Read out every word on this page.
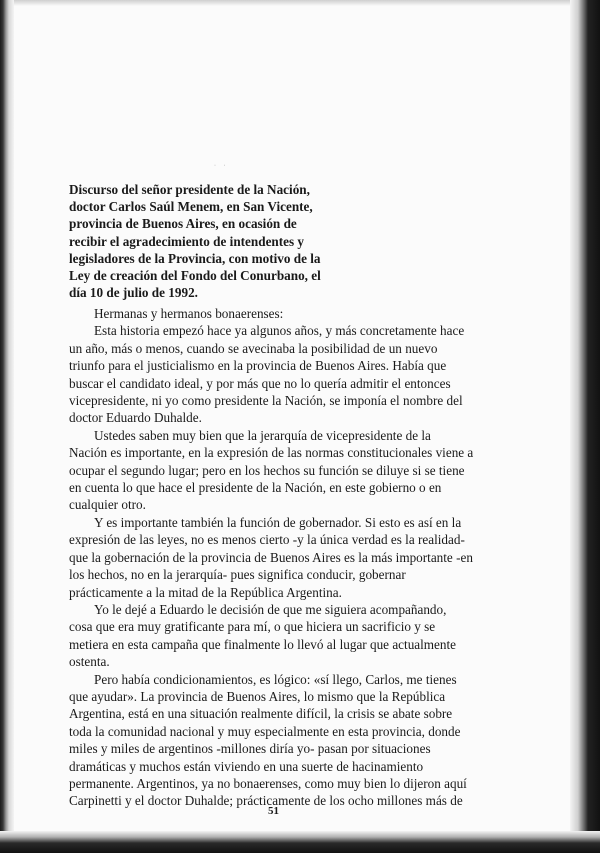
· ·
Discurso del señor presidente de la Nación,
doctor Carlos Saúl Menem, en San Vicente,
provincia de Buenos Aires, en ocasión de
recibir el agradecimiento de intendentes y
legisladores de la Provincia, con motivo de la
Ley de creación del Fondo del Conurbano, el
día 10 de julio de 1992.
Hermanas y hermanos bonaerenses:
Esta historia empezó hace ya algunos años, y más concretamente hace
un año, más o menos, cuando se avecinaba la posibilidad de un nuevo
triunfo para el justicialismo en la provincia de Buenos Aires. Había que
buscar el candidato ideal, y por más que no lo quería admitir el entonces
vicepresidente, ni yo como presidente la Nación, se imponía el nombre del
doctor Eduardo Duhalde.
Ustedes saben muy bien que la jerarquía de vicepresidente de la
Nación es importante, en la expresión de las normas constitucionales viene a
ocupar el segundo lugar; pero en los hechos su función se diluye si se tiene
en cuenta lo que hace el presidente de la Nación, en este gobierno o en
cualquier otro.
Y es importante también la función de gobernador. Si esto es así en la
expresión de las leyes, no es menos cierto -y la única verdad es la realidad-
que la gobernación de la provincia de Buenos Aires es la más importante -en
los hechos, no en la jerarquía- pues significa conducir, gobernar
prácticamente a la mitad de la República Argentina.
Yo le dejé a Eduardo le decisión de que me siguiera acompañando,
cosa que era muy gratificante para mí, o que hiciera un sacrificio y se
metiera en esta campaña que finalmente lo llevó al lugar que actualmente
ostenta.
Pero había condicionamientos, es lógico: «sí llego, Carlos, me tienes
que ayudar». La provincia de Buenos Aires, lo mismo que la República
Argentina, está en una situación realmente difícil, la crisis se abate sobre
toda la comunidad nacional y muy especialmente en esta provincia, donde
miles y miles de argentinos -millones diría yo- pasan por situaciones
dramáticas y muchos están viviendo en una suerte de hacinamiento
permanente. Argentinos, ya no bonaerenses, como muy bien lo dijeron aquí
Carpinetti y el doctor Duhalde; prácticamente de los ocho millones más de
51
